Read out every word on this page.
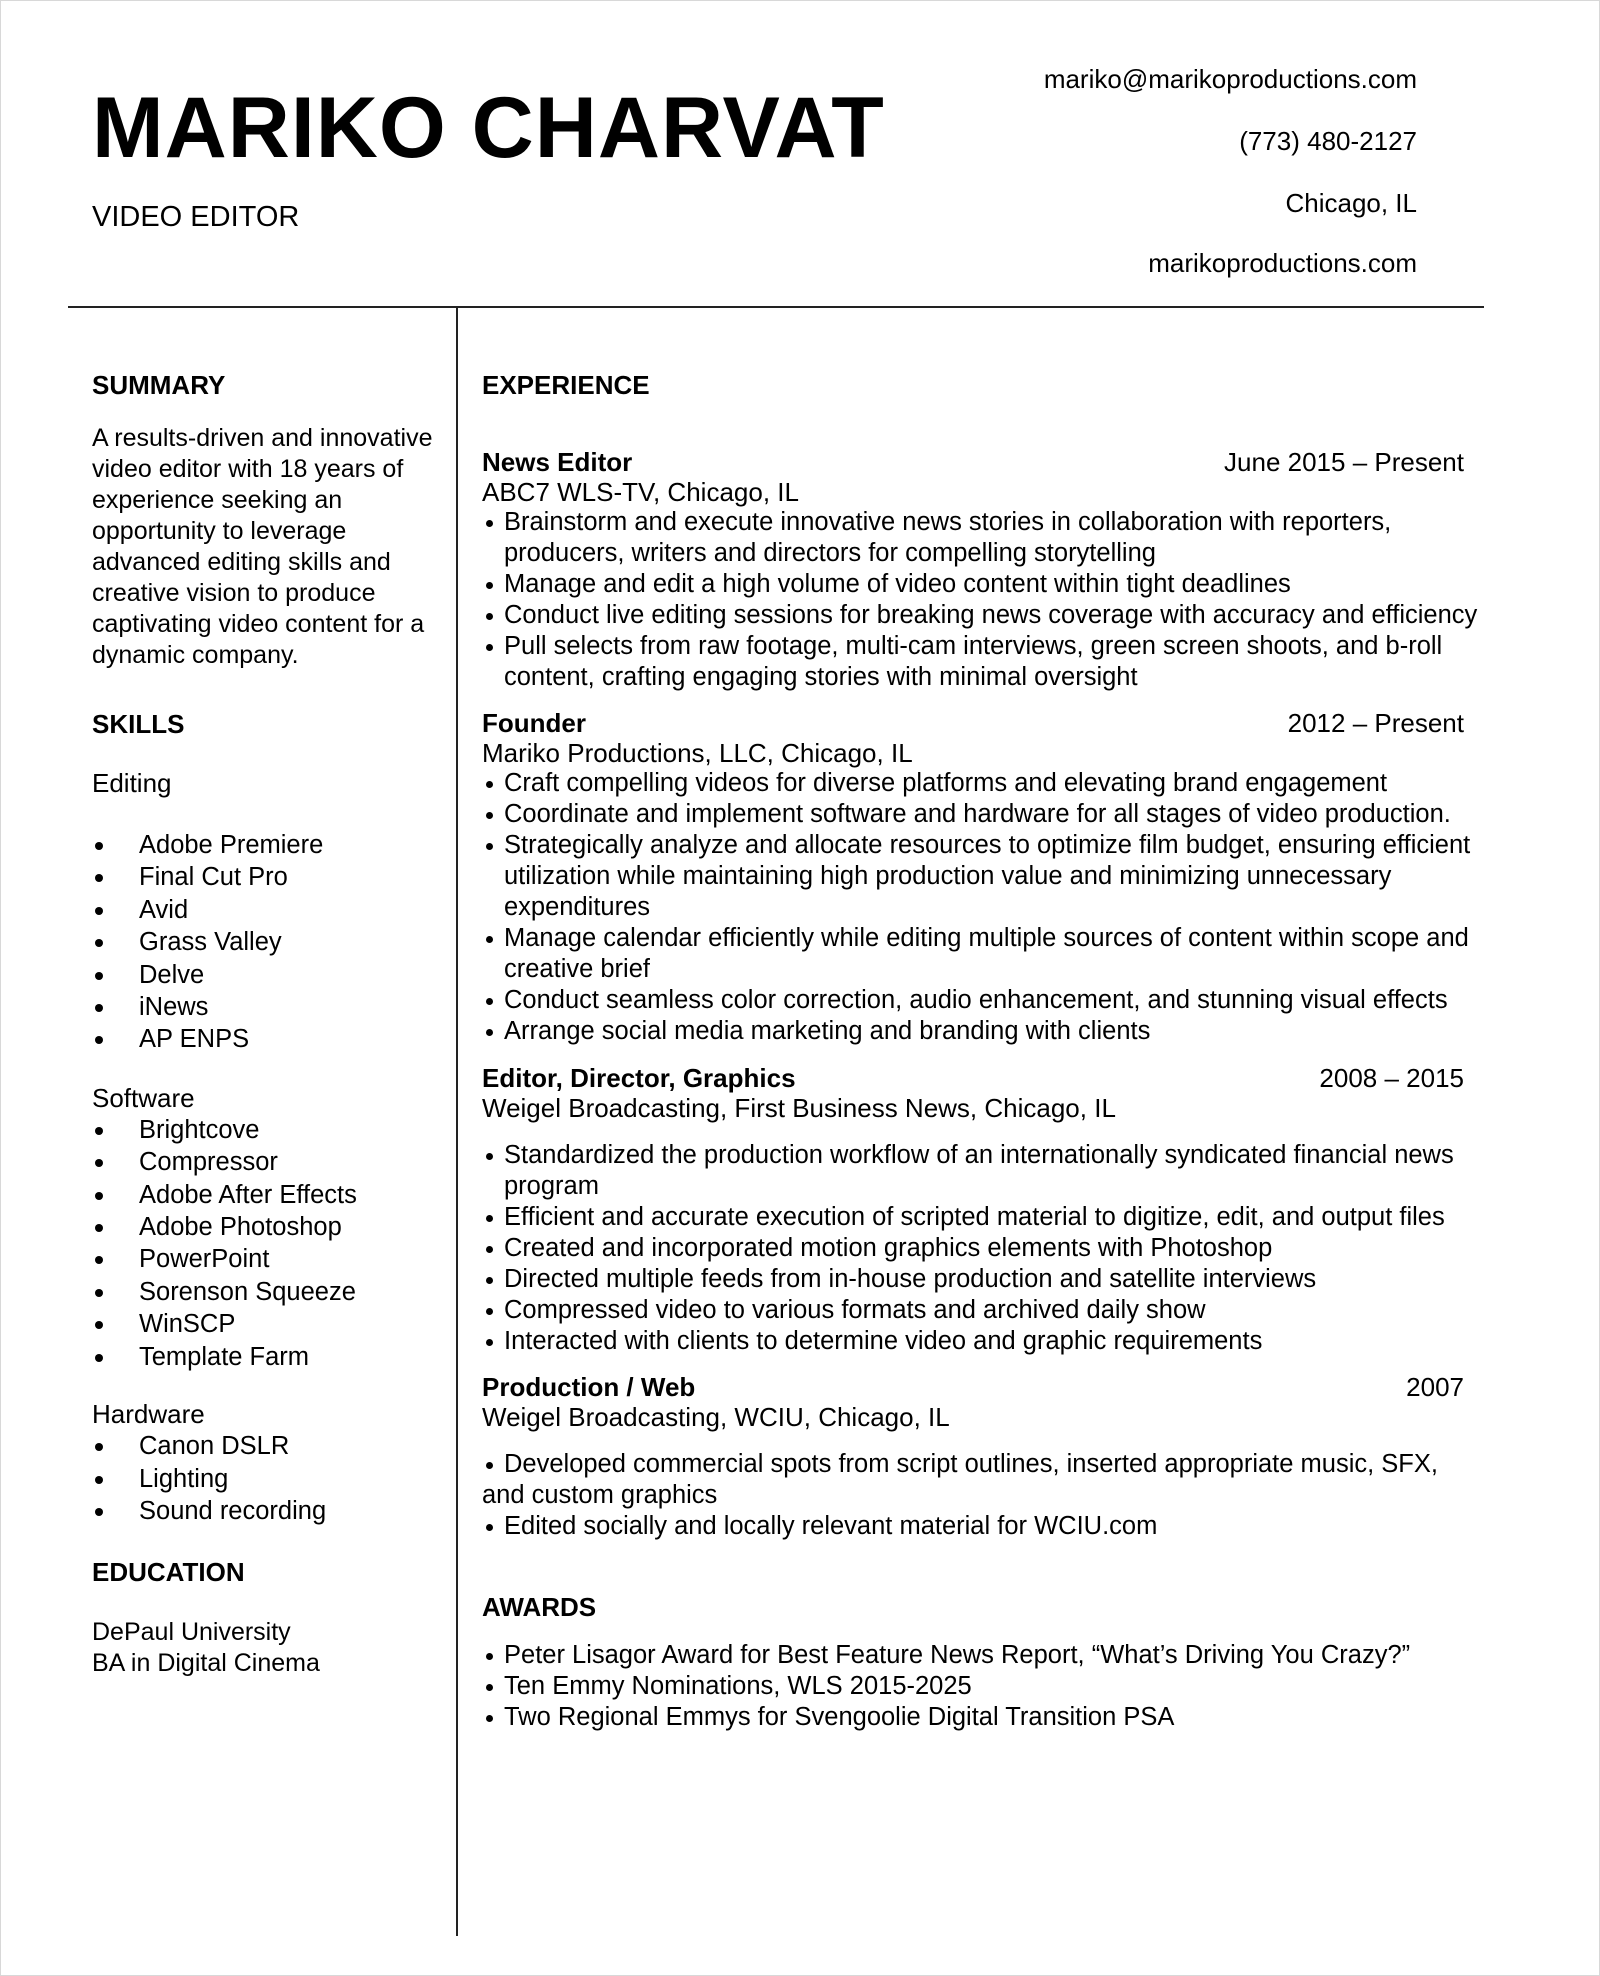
MARIKO CHARVAT
VIDEO EDITOR
mariko@marikoproductions.com
(773) 480-2127
Chicago, IL
marikoproductions.com
SUMMARY
A results-driven and innovative video editor with 18 years of experience seeking an opportunity to leverage advanced editing skills and creative vision to produce captivating video content for a dynamic company.
SKILLS
Editing
Adobe Premiere
Final Cut Pro
Avid
Grass Valley
Delve
iNews
AP ENPS
Software
Brightcove
Compressor
Adobe After Effects
Adobe Photoshop
PowerPoint
Sorenson Squeeze
WinSCP
Template Farm
Hardware
Canon DSLR
Lighting
Sound recording
EDUCATION
DePaul University
BA in Digital Cinema
EXPERIENCE
News Editor	June 2015 – Present
ABC7 WLS-TV, Chicago, IL
Brainstorm and execute innovative news stories in collaboration with reporters, producers, writers and directors for compelling storytelling
Manage and edit a high volume of video content within tight deadlines
Conduct live editing sessions for breaking news coverage with accuracy and efficiency
Pull selects from raw footage, multi-cam interviews, green screen shoots, and b-roll content, crafting engaging stories with minimal oversight
Founder	2012 – Present
Mariko Productions, LLC, Chicago, IL
Craft compelling videos for diverse platforms and elevating brand engagement
Coordinate and implement software and hardware for all stages of video production.
Strategically analyze and allocate resources to optimize film budget, ensuring efficient utilization while maintaining high production value and minimizing unnecessary expenditures
Manage calendar efficiently while editing multiple sources of content within scope and creative brief
Conduct seamless color correction, audio enhancement, and stunning visual effects
Arrange social media marketing and branding with clients
Editor, Director, Graphics	2008 – 2015
Weigel Broadcasting, First Business News, Chicago, IL
Standardized the production workflow of an internationally syndicated financial news program
Efficient and accurate execution of scripted material to digitize, edit, and output files
Created and incorporated motion graphics elements with Photoshop
Directed multiple feeds from in-house production and satellite interviews
Compressed video to various formats and archived daily show
Interacted with clients to determine video and graphic requirements
Production / Web	2007
Weigel Broadcasting, WCIU, Chicago, IL
Developed commercial spots from script outlines, inserted appropriate music, SFX, and custom graphics
Edited socially and locally relevant material for WCIU.com
AWARDS
Peter Lisagor Award for Best Feature News Report, “What’s Driving You Crazy?”
Ten Emmy Nominations, WLS 2015-2025
Two Regional Emmys for Svengoolie Digital Transition PSA
